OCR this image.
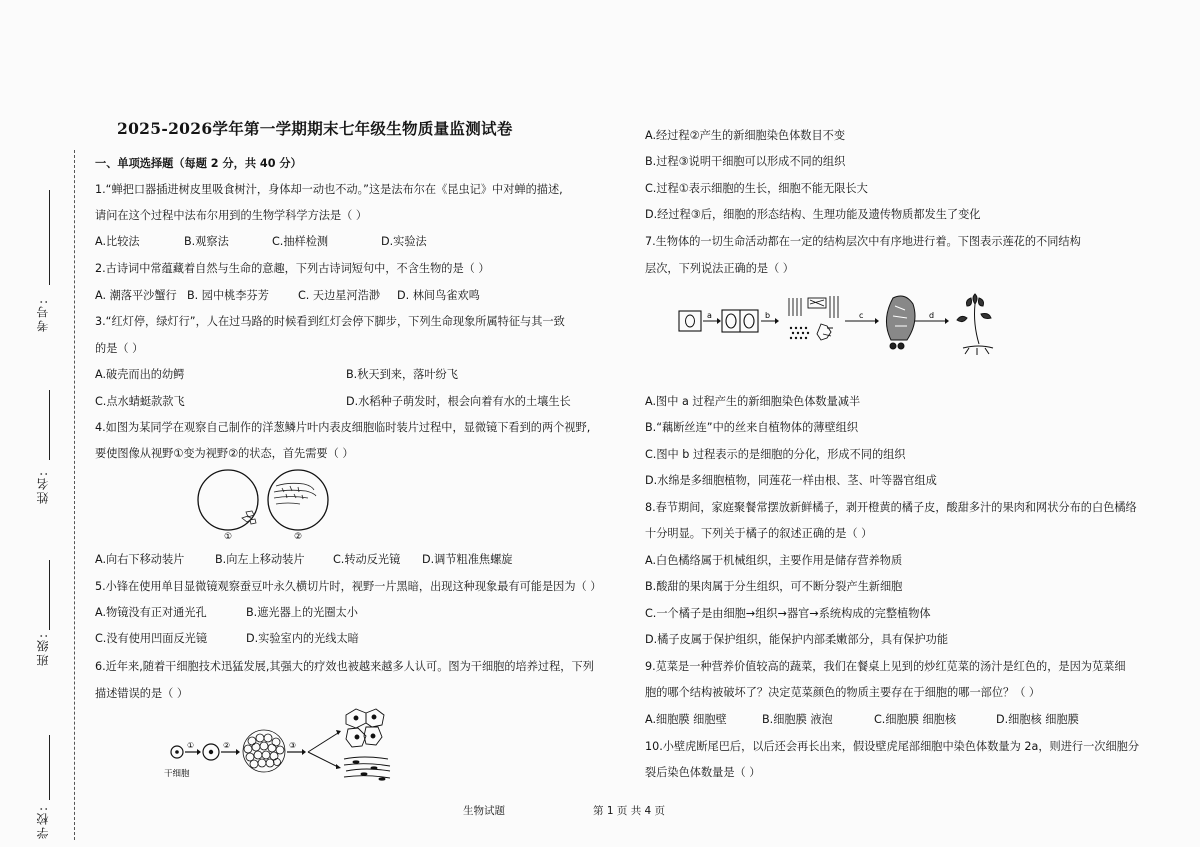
考号:
姓名:
班级:
学校:
2025-2026学年第一学期期末七年级生物质量监测试卷
一、单项选择题（每题 2 分，共 40 分）
1.“蝉把口器插进树皮里吸食树汁，身体却一动也不动。”这是法布尔在《昆虫记》中对蝉的描述,
请问在这个过程中法布尔用到的生物学科学方法是（ ）
A.比较法	B.观察法	C.抽样检测	D.实验法
2.古诗词中常蕴藏着自然与生命的意趣，下列古诗词短句中，不含生物的是（ ）
A. 潮落平沙蟹行 B. 园中桃李芬芳	C. 天边星河浩渺 D. 林间鸟雀欢鸣
3.“红灯停，绿灯行”，人在过马路的时候看到红灯会停下脚步，下列生命现象所属特征与其一致
的是（ ）
A.破壳而出的幼鳄	B.秋天到来，落叶纷飞
C.点水蜻蜓款款飞	D.水稻种子萌发时，根会向着有水的土壤生长
4.如图为某同学在观察自己制作的洋葱鳞片叶内表皮细胞临时装片过程中，显微镜下看到的两个视野,
要使图像从视野①变为视野②的状态，首先需要（ ）
①	②
A.向右下移动装片	B.向左上移动装片	C.转动反光镜 D.调节粗准焦螺旋
5.小锋在使用单目显微镜观察蚕豆叶永久横切片时，视野一片黑暗，出现这种现象最有可能是因为（ ）
A.物镜没有正对通光孔	B.遮光器上的光圈太小
C.没有使用凹面反光镜	D.实验室内的光线太暗
6.近年来,随着干细胞技术迅猛发展,其强大的疗效也被越来越多人认可。图为干细胞的培养过程，下列
描述错误的是（ ）
①	②	③
干细胞
A.经过程②产生的新细胞染色体数目不变
B.过程③说明干细胞可以形成不同的组织
C.过程①表示细胞的生长，细胞不能无限长大
D.经过程③后，细胞的形态结构、生理功能及遗传物质都发生了变化
7.生物体的一切生命活动都在一定的结构层次中有序地进行着。下图表示莲花的不同结构
层次，下列说法正确的是（ ）
a	b	c	d
A.图中 a 过程产生的新细胞染色体数量减半
B.“藕断丝连”中的丝来自植物体的薄壁组织
C.图中 b 过程表示的是细胞的分化，形成不同的组织
D.水绵是多细胞植物，同莲花一样由根、茎、叶等器官组成
8.春节期间，家庭聚餐常摆放新鲜橘子，剥开橙黄的橘子皮，酸甜多汁的果肉和网状分布的白色橘络
十分明显。下列关于橘子的叙述正确的是（ ）
A.白色橘络属于机械组织，主要作用是储存营养物质
B.酸甜的果肉属于分生组织，可不断分裂产生新细胞
C.一个橘子是由细胞→组织→器官→系统构成的完整植物体
D.橘子皮属于保护组织，能保护内部柔嫩部分，具有保护功能
9.苋菜是一种营养价值较高的蔬菜，我们在餐桌上见到的炒红苋菜的汤汁是红色的，是因为苋菜细
胞的哪个结构被破坏了？决定苋菜颜色的物质主要存在于细胞的哪一部位？（ ）
A.细胞膜 细胞壁	B.细胞膜 液泡	C.细胞膜 细胞核	D.细胞核 细胞膜
10.小壁虎断尾巴后，以后还会再长出来，假设壁虎尾部细胞中染色体数量为 2a，则进行一次细胞分
裂后染色体数量是（ ）
生物试题	第 1 页 共 4 页
